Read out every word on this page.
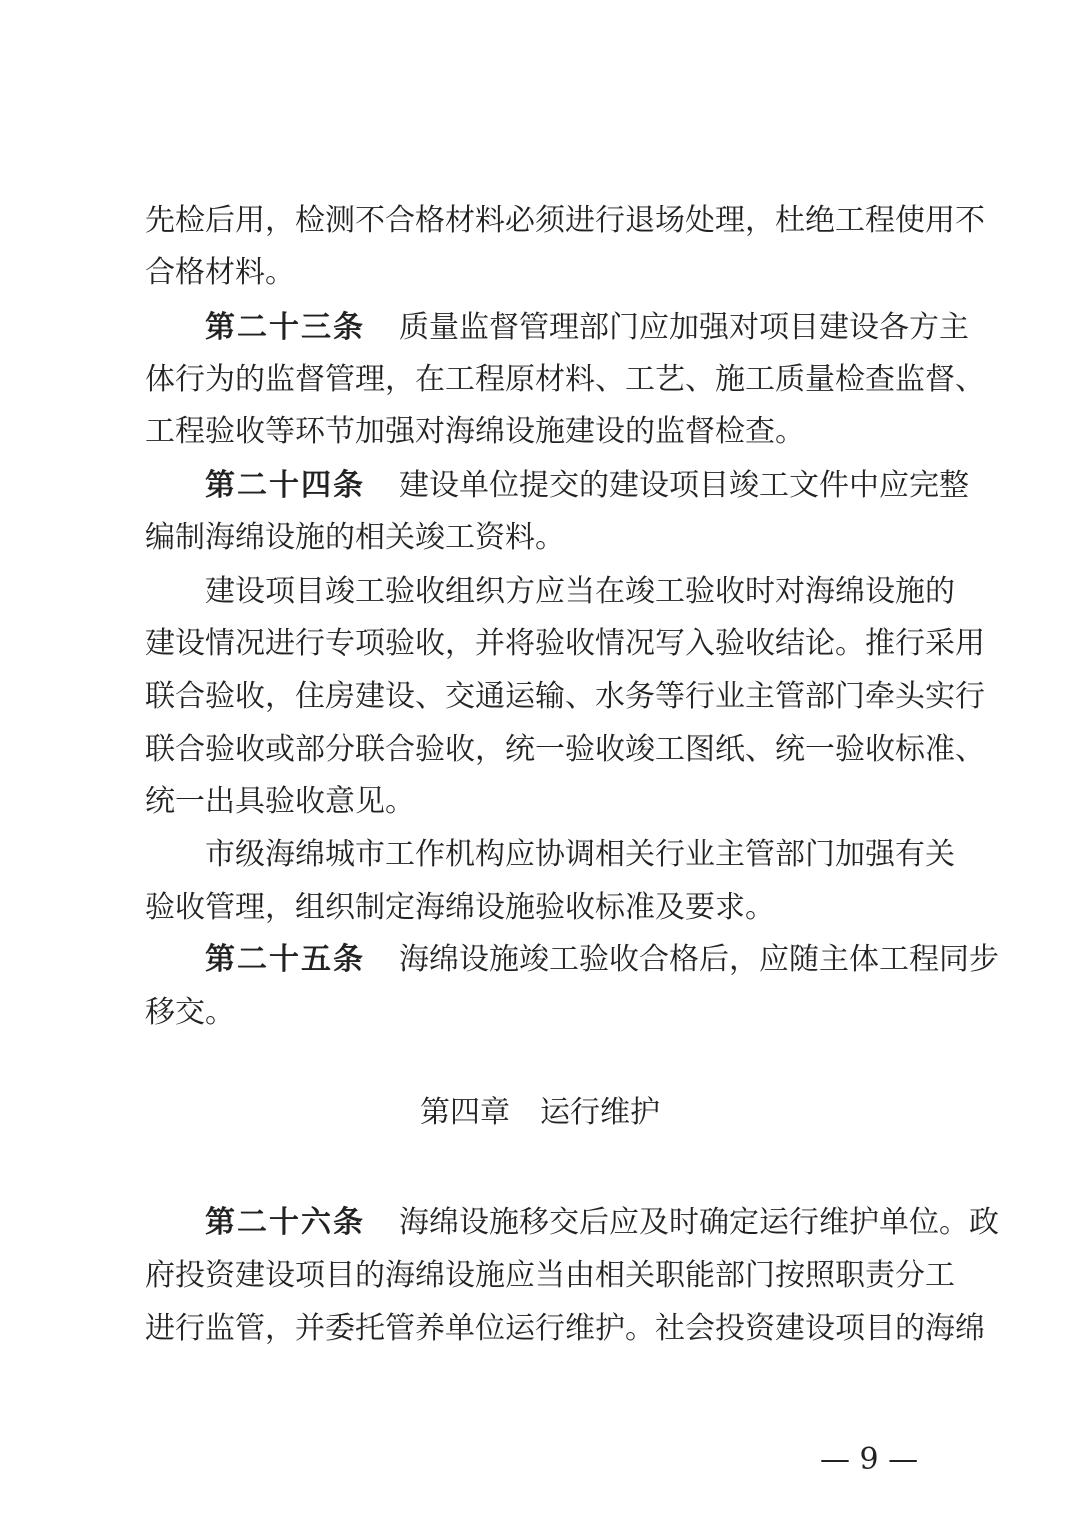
先检后用，检测不合格材料必须进行退场处理，杜绝工程使用不
合格材料。
第二十三条 质量监督管理部门应加强对项目建设各方主
体行为的监督管理，在工程原材料、工艺、施工质量检查监督、
工程验收等环节加强对海绵设施建设的监督检查。
第二十四条 建设单位提交的建设项目竣工文件中应完整
编制海绵设施的相关竣工资料。
建设项目竣工验收组织方应当在竣工验收时对海绵设施的
建设情况进行专项验收，并将验收情况写入验收结论。推行采用
联合验收，住房建设、交通运输、水务等行业主管部门牵头实行
联合验收或部分联合验收，统一验收竣工图纸、统一验收标准、
统一出具验收意见。
市级海绵城市工作机构应协调相关行业主管部门加强有关
验收管理，组织制定海绵设施验收标准及要求。
第二十五条 海绵设施竣工验收合格后，应随主体工程同步
移交。
第四章 运行维护
第二十六条 海绵设施移交后应及时确定运行维护单位。政
府投资建设项目的海绵设施应当由相关职能部门按照职责分工
进行监管，并委托管养单位运行维护。社会投资建设项目的海绵
— 9 —
